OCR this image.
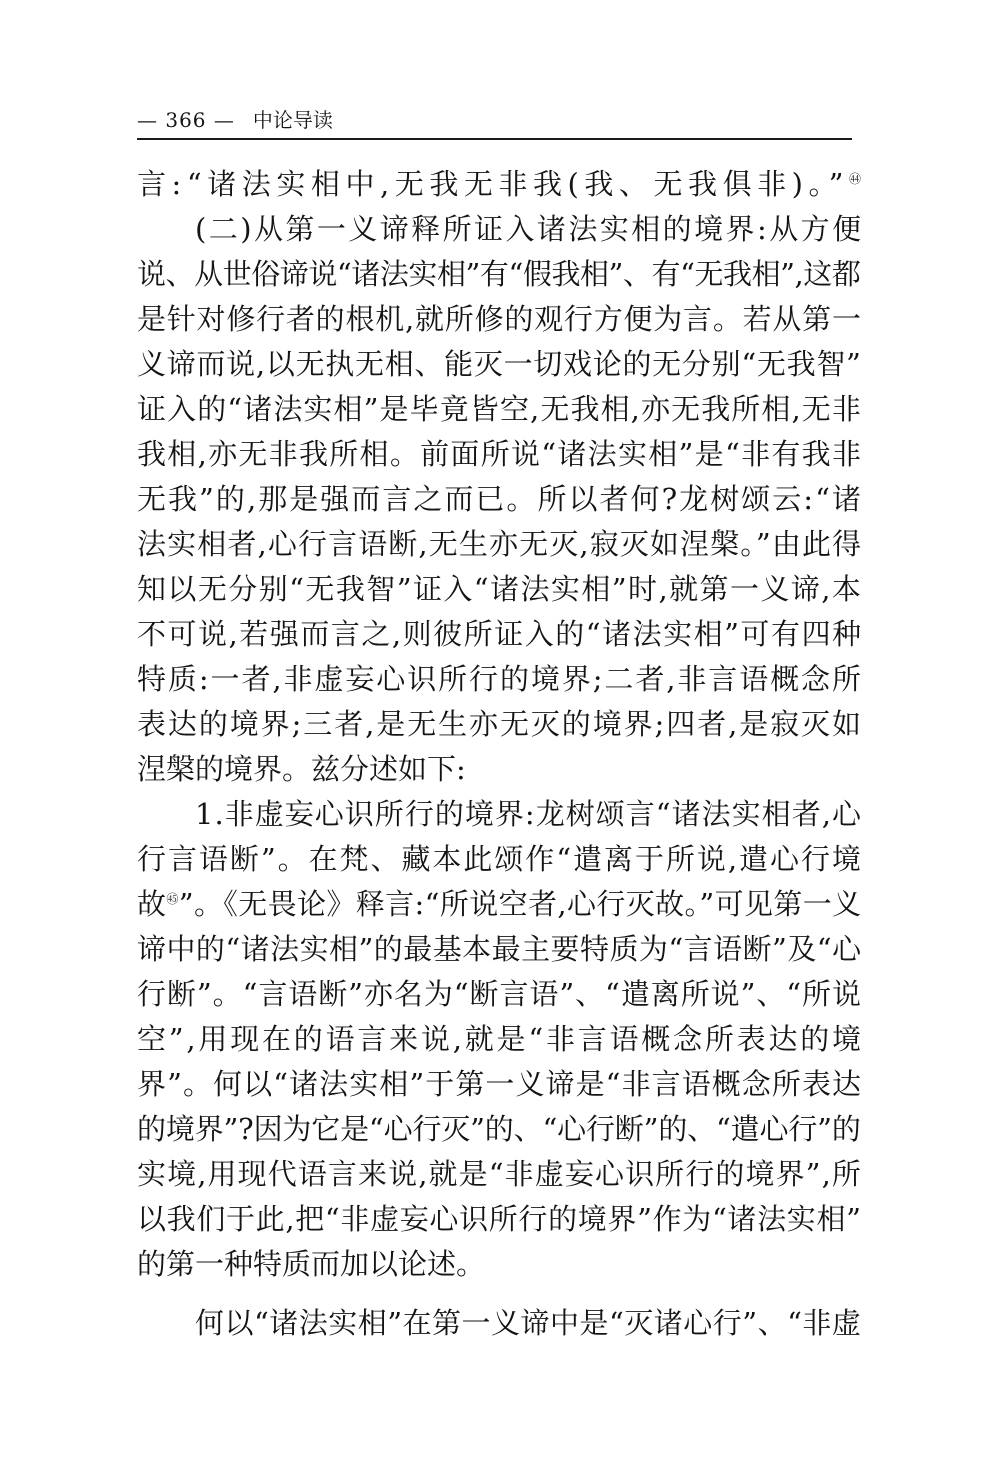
— 366 — 中论导读
言:“诸法实相中,无我无非我(我、无我俱非)。”$^㊹$
(二)从第一义谛释所证入诸法实相的境界:从方便
说、从世俗谛说“诸法实相”有“假我相”、有“无我相”,这都
是针对修行者的根机,就所修的观行方便为言。若从第一
义谛而说,以无执无相、能灭一切戏论的无分别“无我智”
证入的“诸法实相”是毕竟皆空,无我相,亦无我所相,无非
我相,亦无非我所相。前面所说“诸法实相”是“非有我非
无我”的,那是强而言之而已。所以者何?龙树颂云:“诸
法实相者,心行言语断,无生亦无灭,寂灭如涅槃。”由此得
知以无分别“无我智”证入“诸法实相”时,就第一义谛,本
不可说,若强而言之,则彼所证入的“诸法实相”可有四种
特质:一者,非虚妄心识所行的境界;二者,非言语概念所
表达的境界;三者,是无生亦无灭的境界;四者,是寂灭如
涅槃的境界。兹分述如下:
1.非虚妄心识所行的境界:龙树颂言“诸法实相者,心
行言语断”。在梵、藏本此颂作“遣离于所说,遣心行境
故$^㊺$”。《无畏论》释言:“所说空者,心行灭故。”可见第一义
谛中的“诸法实相”的最基本最主要特质为“言语断”及“心
行断”。“言语断”亦名为“断言语”、“遣离所说”、“所说
空”,用现在的语言来说,就是“非言语概念所表达的境
界”。何以“诸法实相”于第一义谛是“非言语概念所表达
的境界”?因为它是“心行灭”的、“心行断”的、“遣心行”的
实境,用现代语言来说,就是“非虚妄心识所行的境界”,所
以我们于此,把“非虚妄心识所行的境界”作为“诸法实相”
的第一种特质而加以论述。
何以“诸法实相”在第一义谛中是“灭诸心行”、“非虚
